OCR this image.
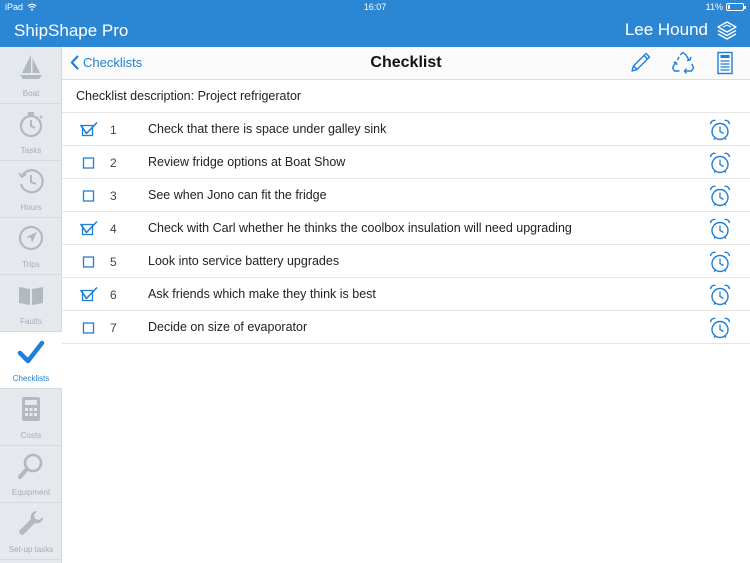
iPad	16:07	11%
ShipShape Pro	Lee Hound
Boat
Tasks
Hours
Trips
Faults
Checklists
Costs
Equipment
Set-up tasks
Checklists	Checklist
Checklist description: Project refrigerator
1	Check that there is space under galley sink
2	Review fridge options at Boat Show
3	See when Jono can fit the fridge
4	Check with Carl whether he thinks the coolbox insulation will need upgrading
5	Look into service battery upgrades
6	Ask friends which make they think is best
7	Decide on size of evaporator
